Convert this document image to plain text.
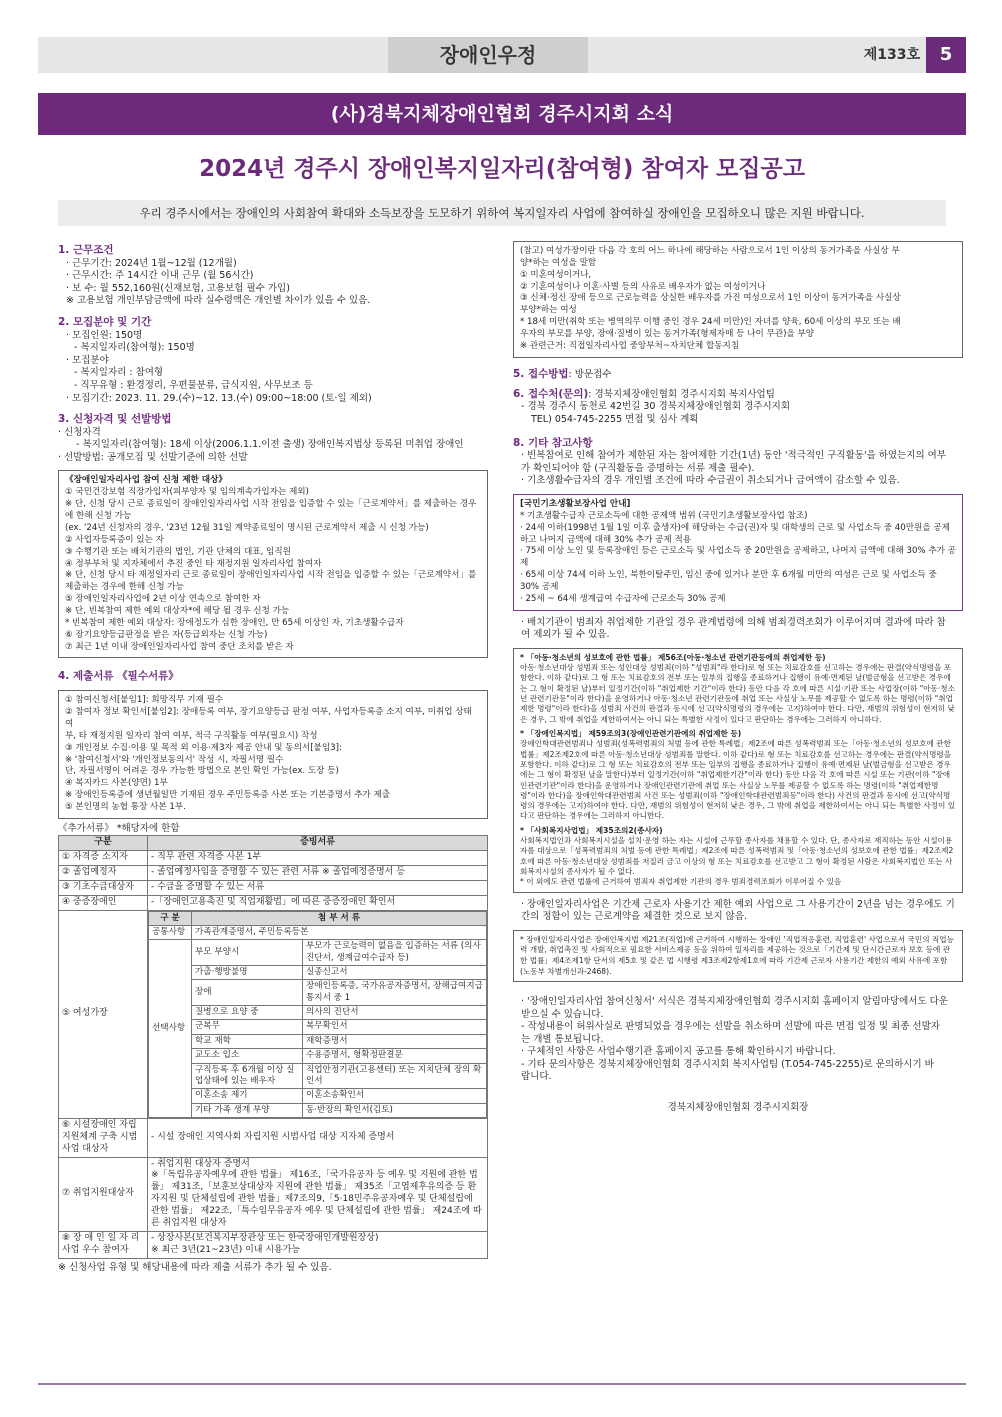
장애인우정	제133호	5
(사)경북지체장애인협회 경주시지회 소식
2024년 경주시 장애인복지일자리(참여형) 참여자 모집공고
우리 경주시에서는 장애인의 사회참여 확대와 소득보장을 도모하기 위하여 복지일자리 사업에 참여하실 장애인을 모집하오니 많은 지원 바랍니다.
1. 근무조건
· 근무기간: 2024년 1월~12월 (12개월)
· 근무시간: 주 14시간 이내 근무 (월 56시간)
· 보 수: 월 552,160원(신재보험, 고용보험 필수 가입)
※ 고용보험 개인부담금액에 따라 실수령액은 개인별 차이가 있을 수 있음.
2. 모집분야 및 기간
· 모집인원: 150명
- 복지일자리(참여형): 150명
· 모집분야
- 복지일자리 : 참여형
- 직무유형 : 환경정리, 우편물분류, 급식지원, 사무보조 등
· 모집기간: 2023. 11. 29.(수)~12. 13.(수) 09:00~18:00 (토·일 제외)
3. 신청자격 및 선발방법
· 신청자격
- 복지일자리(참여형): 18세 이상(2006.1.1.이전 출생) 장애인복지법상 등록된 미취업 장애인
· 선발방법: 공개모집 및 선발기준에 의한 선발
《장애인일자리사업 참여 신청 제한 대상》
① 국민건강보험 직장가입자(피부양자 및 임의계속가입자는 제외)
※ 단, 신청 당시 근로 종료일이 장애인일자리사업 시작 전임을 입증할 수 있는「근로계약서」를 제출하는 경우
에 한해 신청 가능
(ex. '24년 신청자의 경우, '23년 12월 31일 계약종료일이 명시된 근로계약서 제출 시 신청 가능)
② 사업자등록증이 있는 자
③ 수행기관 또는 배치기관의 법인, 기관 단체의 대표, 임직원
④ 정부부처 및 지자체에서 추진 중인 타 재정지원 일자리사업 참여자
※ 단, 신청 당시 타 재정일자리 근로 종료일이 장애인일자리사업 시작 전임을 입증할 수 있는「근로계약서」를
제출하는 경우에 한해 신청 가능
⑤ 장애인일자리사업에 2년 이상 연속으로 참여한 자
※ 단, 빈복참여 제한 예외 대상자*에 해당 될 경우 신청 가능
* 빈복참여 제한 예외 대상자: 장애정도가 심한 장애인, 만 65세 이상인 자, 기초생활수급자
⑥ 장기요양등급판정을 받은 자(등급외자는 신청 가능)
⑦ 최근 1년 이내 장애인일자리사업 참여 중단 조치를 받은 자
4. 제출서류 《필수서류》
① 참여신청서[붙임1]: 희망직무 기재 필수
② 참여자 정보 확인서[붙임2]: 장애등록 여부, 장기요양등급 판정 여부, 사업자등록증 소지 여부, 미취업 상태 여
부, 타 재정지원 일자리 참여 여부, 적극 구직활동 여부(필요시) 작성
③ 개인정보 수집·이용 및 목적 외 이용·제3자 제공 안내 및 동의서[붙임3]:
※ '참여신청서'와 '개인정보동의서' 작성 시, 자필서명 필수
단, 자필서명이 어려운 경우 가능한 방법으로 본인 확인 가능(ex. 도장 등)
④ 복지카드 사본(양면) 1부
※ 장애인등록증에 생년월일만 기재된 경우 주민등록증 사본 또는 기본증명서 추가 제출
⑤ 본인명의 농협 통장 사본 1부.
《추가서류》 *해당자에 한함
구분	증빙서류
① 자격증 소지자	- 직무 관련 자격증 사본 1부
② 졸업예정자	- 졸업예정사임을 증명할 수 있는 관련 서류 ※ 졸업예정증명서 등
③ 기초수급대상자	- 수급을 증명할 수 있는 서류
④ 중증장애인	-「장애인고용촉진 및 직업재활법」에 따른 중증장애인 확인서
⑤ 여성가장	
구 분	첨 부 서 류
공통사항	가족관계증명서, 주민등록등본
선택사항	부모 부양시	부모가 근로능력이 없음을 입증하는 서류 (의사진단서, 생계급여수급자 등)
가출·행방불명	실종신고서
장애	장애인등록증, 국가유공자증명서, 장해급여지급통지서 중 1
질병으로 요양 중	의사의 진단서
군복무	복무확인서
학교 재학	재학증명서
교도소 입소	수용증명서, 형확정판결문
구직등록 후 6개월 이상 실업상태에 있는 배우자	직업안정기관(고용센터) 또는 지치단체 장의 확인서
이혼소송 제기	이혼소송확인서
기타 가족 생계 부양	동·반장의 확인서(김토)

⑥ 시설장애인 자립 지원체계 구축 시범사업 대상자	- 시설 장애인 지역사회 자립지원 시범사업 대상 지자체 증명서
⑦ 취업지원대상자	- 취업지원 대상자 증명서
※「독립유공자예우에 관한 법률」 제16조,「국가유공자 등 예우 및 지원에 관한 법률」 제31조,「보훈보상대상자 지원에 관한 법률」 제35조「고엽제후유의증 등 환자지원 및 단체설립에 관한 법률」제7조의9,「5·18민주유공자예우 및 단체설립에 관한 법률」 제22조,「특수임무유공자 예우 및 단체설립에 관한 법률」 제24조에 따른 취업지원 대상자
⑧ 장 애 인 일 자 리 사업 우수 참여자	- 상장사본(보건복지부장관상 또는 한국장애인개발원장상)
※ 최근 3년(21~23년) 이내 시용가능
※ 신청사업 유형 및 해당내용에 따라 제출 서류가 추가 될 수 있음.
(참고) 여성가장이란 다음 각 호의 어느 하나에 해당하는 사람으로서 1인 이상의 동거가족을 사실상 부
양*하는 여성을 말함
① 미혼여성이거나,
② 기혼여성이나 이혼·사별 등의 사유로 배우자가 없는 여성이거나
③ 신체·정신 장애 등으로 근로능력을 상실한 배우자를 가진 여성으로서 1인 이상이 동거가족을 사실상
부양*하는 여성
* 18세 미만(취학 또는 병역의무 이행 중인 경우 24세 미만)인 자녀를 양육, 60세 이상의 부모 또는 배
우자의 부모를 부양, 장애·질병이 있는 동거가족(형제자매 등 나이 무관)을 부양
※ 관련근거: 직접일자리사업 중앙부처~자치단체 합동지침
5. 접수방법: 방문접수
6. 접수처(문의): 경북지체장애인협회 경주시지회 복지사업팀
- 경북 경주시 동천로 42번길 30 경북지체장애인협회 경주시지회
TEL) 054-745-2255 면접 및 심사 계획
8. 기타 참고사항
· 빈복참여로 인해 참여가 제한된 자는 참여제한 기간(1년) 동안 '적극적인 구직활동'을 하였는지의 여부
가 확인되어야 함 (구직활동을 증명하는 서류 제출 필수).
· 기초생활수급자의 경우 개인별 조건에 따라 수급권이 취소되거나 급여액이 감소할 수 있음.
[국민기초생활보장사업 안내]
* 기초생활수급자 근로소득에 대한 공제액 범위 (국민기초생활보장사업 참조)
· 24세 이하(1998년 1월 1일 이후 출생자)에 해당하는 수급(권)자 및 대학생의 근로 및 사업소득 중 40만원을 공제
하고 나머지 금액에 대해 30% 추가 공제 적용
· 75세 이상 노인 및 등록장애인 등은 근로소득 및 사업소득 중 20만원을 공제하고, 나머지 금액에 대해 30% 추가 공제
· 65세 이상 74세 이하 노인, 북한이탈주민, 임신 중에 있거나 분만 후 6개월 미만의 여성은 근로 및 사업소득 중 30% 공제
· 25세 ~ 64세 생계급여 수급자에 근로소득 30% 공제
· 배치기관이 범죄자 취업제한 기관일 경우 관계법령에 의해 범죄경력조회가 이루어지며 결과에 따라 참
여 제외가 될 수 있음.
* 「아동·청소년의 성보호에 관한 법률」 제56조(아동·청소년 관련기관등에의 취업제한 등)
아동·청소년대상 성범죄 또는 성인대상 성범죄(이하 "성범죄"라 한다)로 형 또는 치료감호를 선고하는 경우에는 판결(약식명령을 포함한다. 이하 같다)로 그 형 또는 치료감호의 전부 또는 일부의 집행을 종료하거나 집행이 유예·면제된 날(벌금형을 선고받은 경우에는 그 형이 확정된 날)부터 일정기간(이하 "취업제한 기간"이라 한다) 동안 다음 각 호에 따른 시설·기관 또는 사업장(이하 "아동·청소년 관련기관등"이라 한다)을 운영하거나 아동·청소년 관련기관등에 취업 또는 사실상 노무를 제공할 수 없도록 하는 명령(이하 "취업제한 명령"이라 한다)을 성범죄 사건의 판결과 동시에 선고(약식명령의 경우에는 고지)하여야 한다. 다만, 재범의 위험성이 현저히 낮은 경우, 그 밖에 취업을 제한하여서는 아니 되는 특별한 사정이 있다고 판단하는 경우에는 그러하지 아니하다.
* 「장애인복지법」 제59조의3(장애인관련기관에의 취업제한 등)
장애인학대관련범죄나 성범죄(성폭력범죄의 처벌 등에 관한 특례법」제2조에 따른 성폭력범죄 또는「아동·청소년의 성보호에 관한 법률」제2조제2호에 따른 아동·청소년대상 성범죄를 말한다. 이하 같다)로 형 또는 치료감호를 선고하는 경우에는 판결(약식명령을 포함한다. 이하 같다)로 그 형 또는 치료감호의 전부 또는 일부의 집행을 종료하거나 집행이 유예·면제된 날(벌금형을 선고받은 경우에는 그 형이 확정된 날을 말한다)부터 일정기간(이하 "취업제한기간"이라 한다) 동안 다음 각 호에 따른 시설 또는 기관(이하 "장애인관련기관"이라 한다)을 운영하거나 장애인관련기관에 취업 또는 사실상 노무를 제공할 수 없도록 하는 명령(이하 "취업제한명령"이라 한다)을 장애인학대관련범죄 사건 또는 성범죄(이하 "장애인학대관련범죄등"이라 한다) 사건의 판결과 동시에 선고(약식명령의 경우에는 고지)하여야 한다. 다만, 재범의 위험성이 현저히 낮은 경우, 그 밖에 취업을 제한하여서는 아니 되는 특별한 사정이 있다고 판단하는 경우에는 그러하지 아니한다.
* 「사회복지사업법」 제35조의2(종사자)
사회복지법인과 사회복지시설을 설치·운영 하는 자는 시설에 근무할 종사자를 채용할 수 있다. 단, 종사자로 재직하는 동안 시설이용자를 대상으로「성폭력범죄의 처벌 등에 관한 특례법」제2조에 따른 성폭력범죄 및「아동·청소년의 성보호에 관한 법률」제2조제2호에 따른 아동·청소년대상 성범죄를 저질러 금고 이상의 형 또는 치료감호를 선고받고 그 형이 확정된 사람은 사회복지법인 또는 사회복지시설의 종사자가 될 수 없다.
* 이 외에도 관련 법률에 근거하여 범죄자 취업제한 기관의 경우 범죄경력조회가 이루어질 수 있음
· 장애인일자리사업은 기간제 근로자 사용기간 제한 예외 사업으로 그 사용기간이 2년을 넘는 경우에도 기
간의 정함이 있는 근로계약을 체결한 것으로 보지 않음.
* 장애인일자리사업은 장애인복지법 제21조(직업)에 근거하여 시행하는 장애인 '직업적응훈련, 직업훈련' 사업으로서 국민의 직업능력 개발, 취업촉진 및 사회적으로 필요한 서비스제공 등을 위하여 일자리를 제공하는 것으로「기간제 및 단시간근로자 보호 등에 관한 법률」제4조제1항 단서의 제5호 및 같은 법 시행령 제3조제2항제1호에 따라 기간제 근로자 사용기간 제한의 예외 사유에 포함(노동부 차별개선과-2468).
· '장애인일자리사업 참여신청서' 서식은 경북지체장애인협회 경주시지회 홈페이지 알림마당에서도 다운
받으실 수 있습니다.
- 작성내용이 허위사실로 판명되었을 경우에는 선발을 취소하며 선발에 따른 면접 일정 및 최종 선발자
는 개별 통보됩니다.
· 구체적인 사항은 사업수행기관 홈페이지 공고를 통해 확인하시기 바랍니다.
- 기타 문의사항은 경북지체장애인협회 경주시지회 복지사업팀 (T.054-745-2255)로 문의하시기 바
랍니다.
경북지체장애인협회 경주시지회장
